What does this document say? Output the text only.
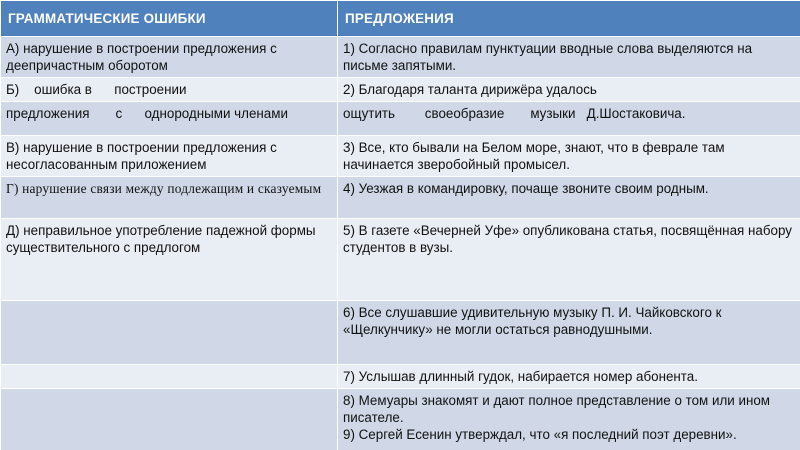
ГРАММАТИЧЕСКИЕ ОШИБКИ	ПРЕДЛОЖЕНИЯ
А) нарушение в построении предложения с деепричастным оборотом	1) Согласно правилам пунктуации вводные слова выделяются на письме запятыми.
Б)    ошибка в      построении	2) Благодаря таланта дирижёра удалось
предложения       с      однородными членами	ощутить        своеобразие       музыки   Д.Шостаковича.
В) нарушение в построении предложения с несогласованным приложением	3) Все, кто бывали на Белом море, знают, что в феврале там начинается зверобойный промысел.
Г) нарушение связи между подлежащим и сказуемым	4) Уезжая в командировку, почаще звоните своим родным.
Д) неправильное употребление падежной формы
существительного с предлогом	5) В газете «Вечерней Уфе» опубликована статья, посвящённая набору студентов в вузы.
	6) Все слушавшие удивительную музыку П. И. Чайковского к «Щелкунчику» не могли остаться равнодушными.
	7) Услышав длинный гудок, набирается номер абонента.
	8) Мемуары знакомят и дают полное представление о том или ином писателе.
9) Сергей Есенин утверждал, что «я последний поэт деревни».
